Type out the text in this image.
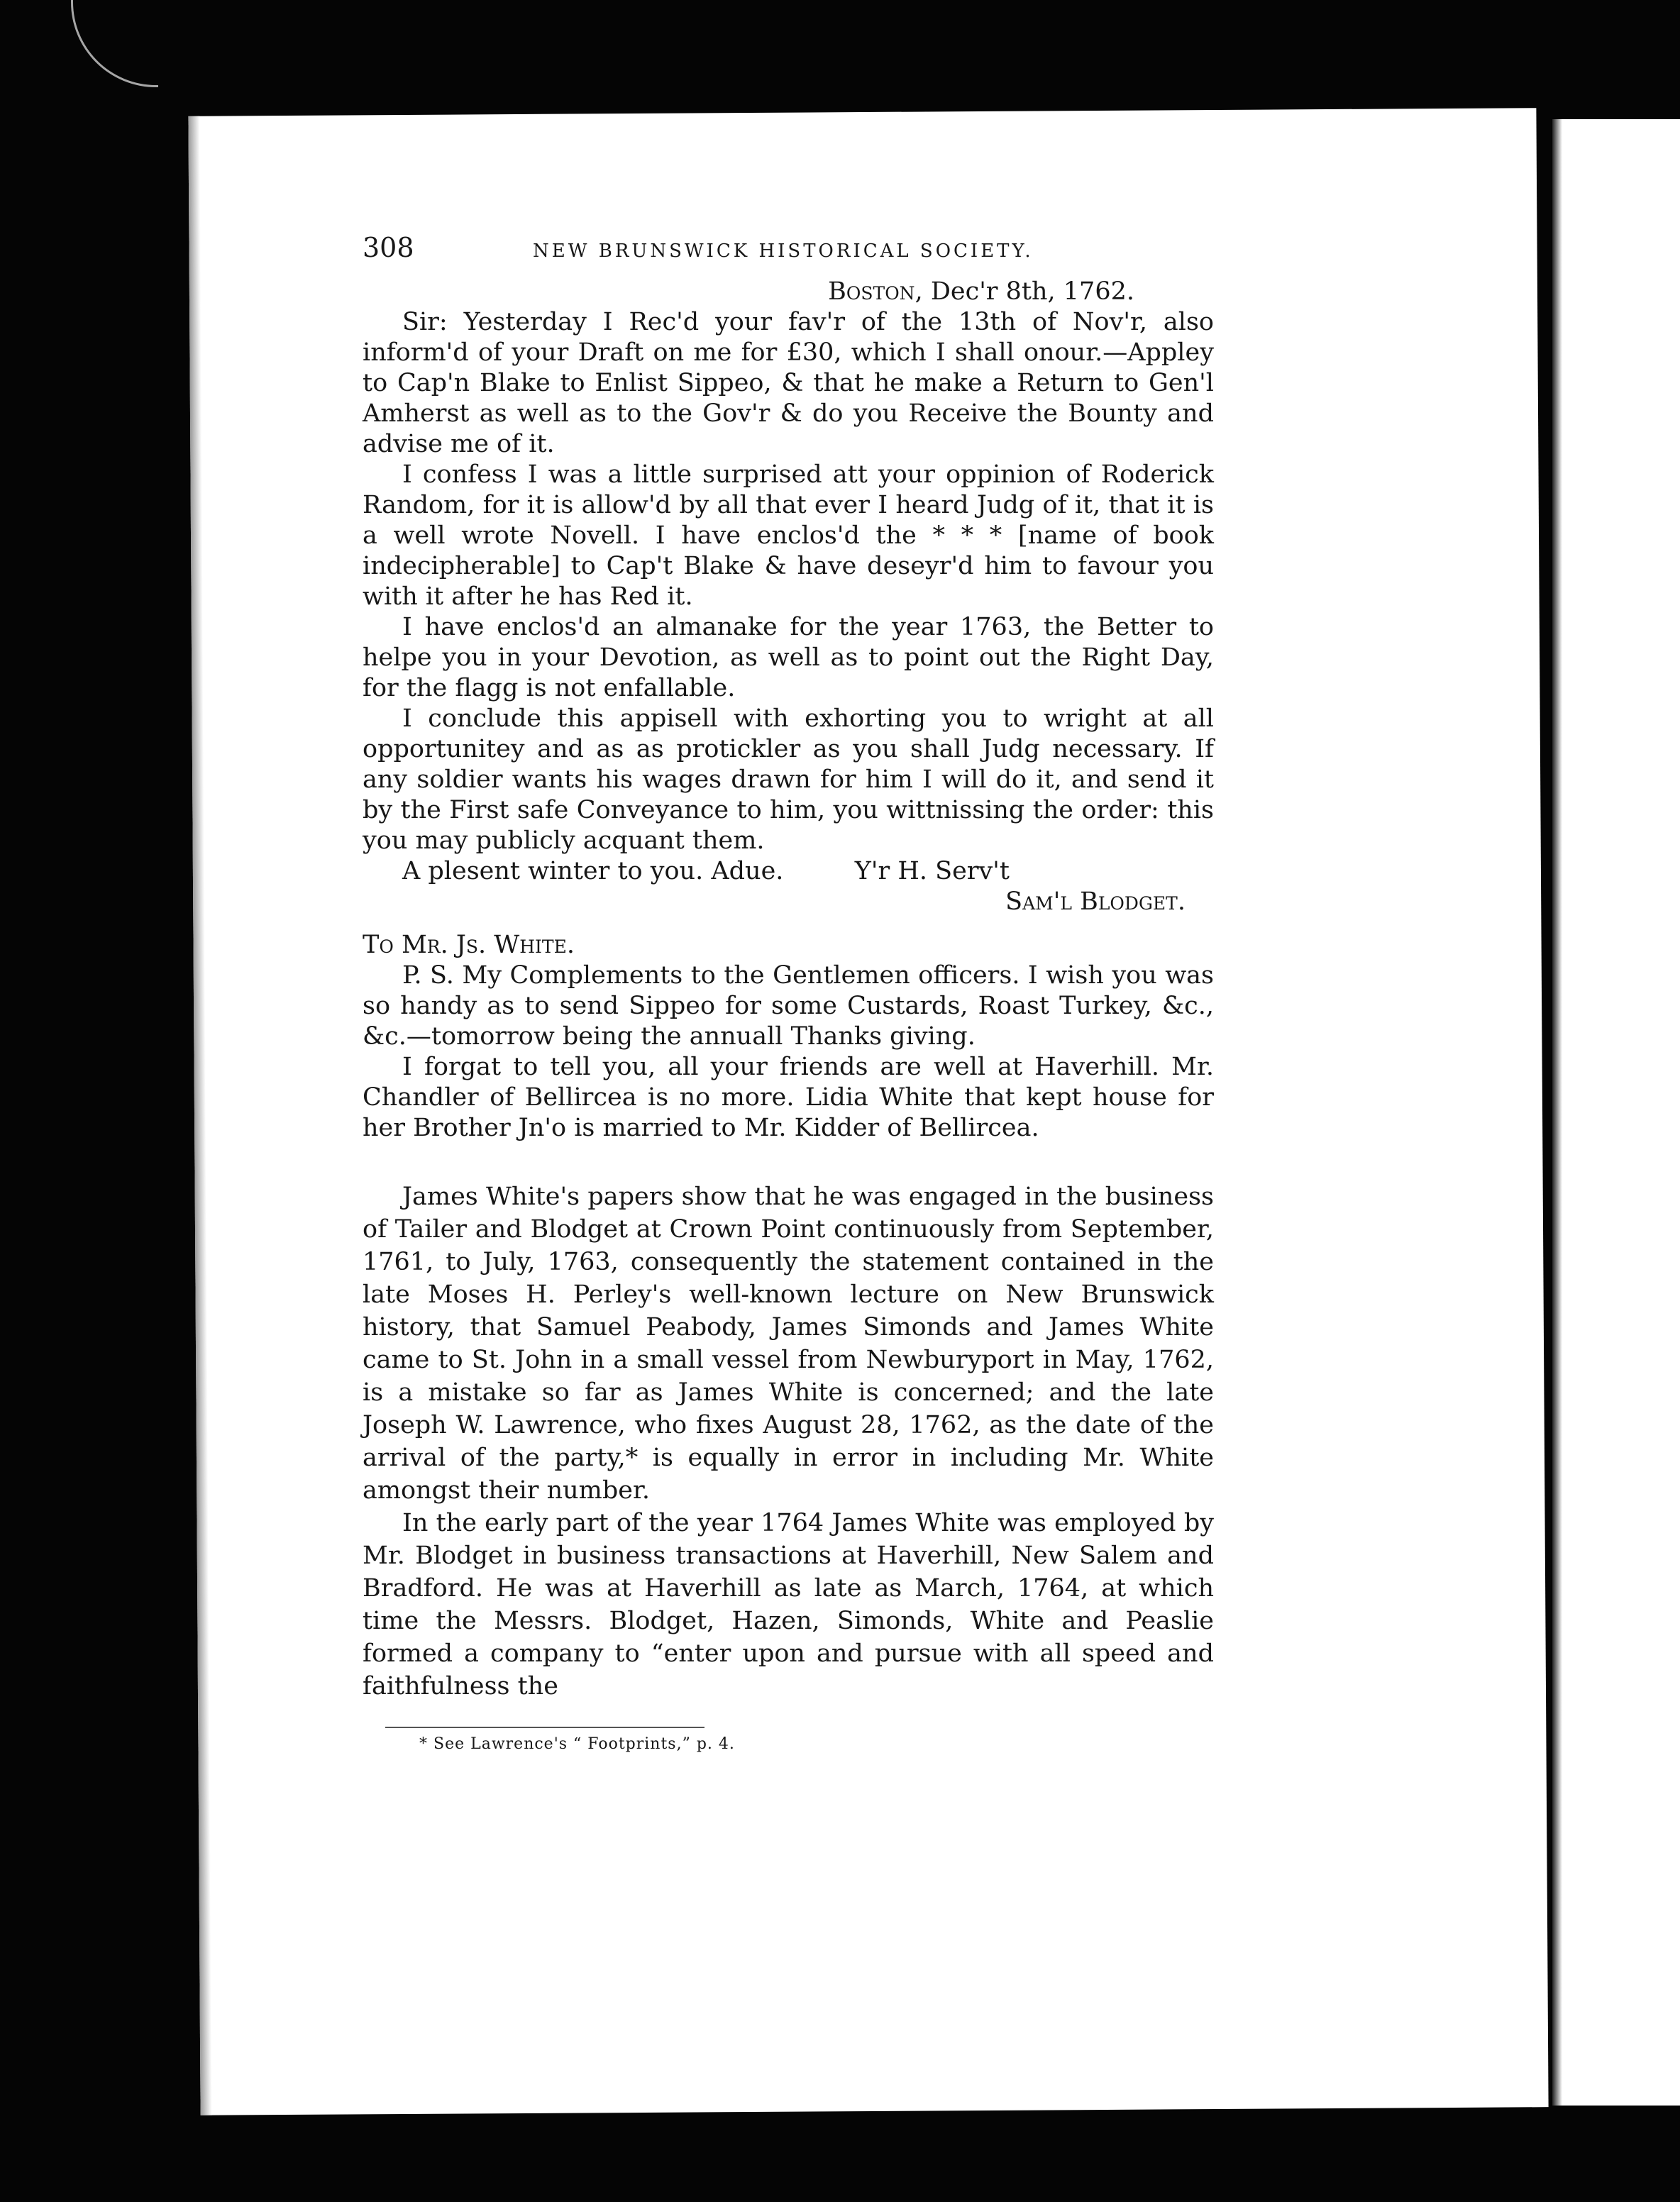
308	NEW BRUNSWICK HISTORICAL SOCIETY.
Boston, Dec'r 8th, 1762.

Sir: Yesterday I Rec'd your fav'r of the 13th of Nov'r, also inform'd of your Draft on me for £30, which I shall onour.—Appley to Cap'n Blake to Enlist Sippeo, & that he make a Return to Gen'l Amherst as well as to the Gov'r & do you Receive the Bounty and advise me of it.

I confess I was a little surprised att your oppinion of Roderick Random, for it is allow'd by all that ever I heard Judg of it, that it is a well wrote Novell. I have enclos'd the * * * [name of book indecipherable] to Cap't Blake & have deseyr'd him to favour you with it after he has Red it.

I have enclos'd an almanake for the year 1763, the Better to helpe you in your Devotion, as well as to point out the Right Day, for the flagg is not enfallable.

I conclude this appisell with exhorting you to wright at all opportunitey and as as protickler as you shall Judg necessary. If any soldier wants his wages drawn for him I will do it, and send it by the First safe Conveyance to him, you wittnissing the order: this you may publicly acquant them.

A plesent winter to you. Adue.	Y'r H. Serv't
Sam'l Blodget.

To Mr. Js. White.

P. S. My Complements to the Gentlemen officers. I wish you was so handy as to send Sippeo for some Custards, Roast Turkey, &c., &c.—tomorrow being the annuall Thanks giving.

I forgat to tell you, all your friends are well at Haverhill. Mr. Chandler of Bellircea is no more. Lidia White that kept house for her Brother Jn'o is married to Mr. Kidder of Bellircea.

James White's papers show that he was engaged in the business of Tailer and Blodget at Crown Point continuously from September, 1761, to July, 1763, consequently the statement contained in the late Moses H. Perley's well-known lecture on New Brunswick history, that Samuel Peabody, James Simonds and James White came to St. John in a small vessel from Newburyport in May, 1762, is a mistake so far as James White is concerned; and the late Joseph W. Lawrence, who fixes August 28, 1762, as the date of the arrival of the party,* is equally in error in including Mr. White amongst their number.

In the early part of the year 1764 James White was employed by Mr. Blodget in business transactions at Haverhill, New Salem and Bradford. He was at Haverhill as late as March, 1764, at which time the Messrs. Blodget, Hazen, Simonds, White and Peaslie formed a company to “enter upon and pursue with all speed and faithfulness the

* See Lawrence's “ Footprints,” p. 4.
